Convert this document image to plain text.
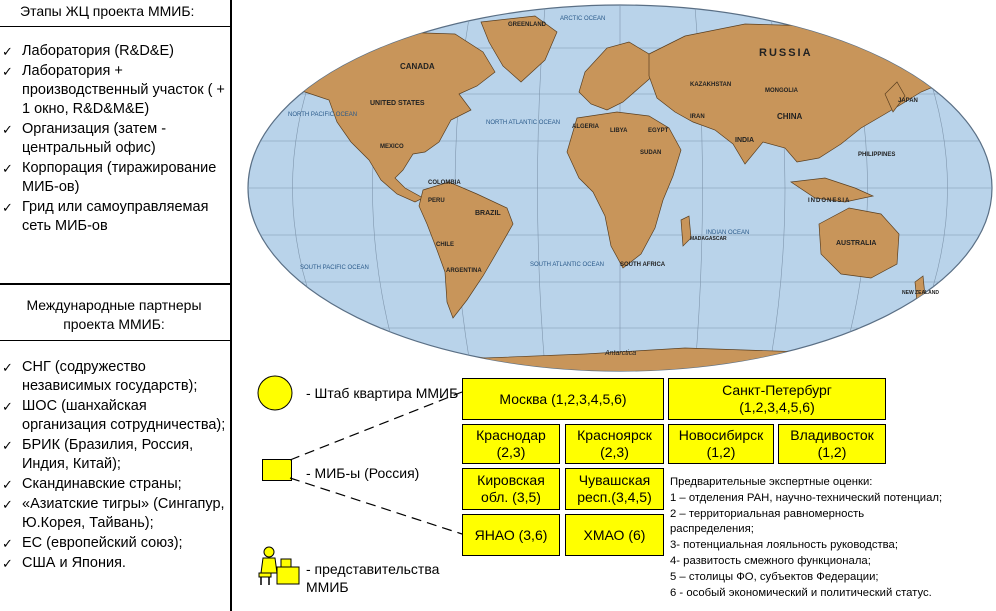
Этапы ЖЦ проекта ММИБ:
✓ Лаборатория (R&D&E)
✓ Лаборатория + производственный участок ( + 1 окно, R&D&M&E)
✓ Организация (затем - центральный офис)
✓ Корпорация (тиражирование МИБ-ов)
✓ Грид или самоуправляемая сеть МИБ-ов
Международные партнеры проекта ММИБ:
✓ СНГ (содружество независимых государств);
✓ ШОС (шанхайская организация сотрудничества);
✓ БРИК (Бразилия, Россия, Индия, Китай);
✓ Скандинавские страны;
✓ «Азиатские тигры» (Сингапур, Ю.Корея, Тайвань);
✓ ЕС (европейский союз);
✓ США и Япония.
RUSSIA
CANADA
UNITED STATES
CHINA
INDIA
BRAZIL
AUSTRALIA
INDONESIA
ARGENTINA
MEXICO
Antarctica
KAZAKHSTAN
MONGOLIA
ALGERIA
LIBYA	EGYPT
SUDAN
IRAN
GREENLAND
JAPAN
PHILIPPINES
PERU
COLOMBIA
CHILE
SOUTH AFRICA
MADAGASCAR
NEW ZEALAND
NORTH PACIFIC OCEAN
SOUTH PACIFIC OCEAN
NORTH ATLANTIC OCEAN
SOUTH ATLANTIC OCEAN
INDIAN OCEAN
ARCTIC OCEAN
- Штаб квартира ММИБ
- МИБ-ы (Россия)
- представительства ММИБ
Москва (1,2,3,4,5,6)
Санкт-Петербург (1,2,3,4,5,6)
Краснодар (2,3)
Красноярск (2,3)
Новосибирск (1,2)
Владивосток (1,2)
Кировская обл. (3,5)
Чувашская респ.(3,4,5)
ЯНАО (3,6)	ХМАО (6)
Предварительные экспертные оценки:
1 – отделения РАН, научно-технический потенциал;
2 – территориальная равномерность распределения;
3- потенциальная лояльность руководства;
4- развитость смежного функционала;
5 – столицы ФО, субъектов Федерации;
6 - особый экономический и политический статус.
